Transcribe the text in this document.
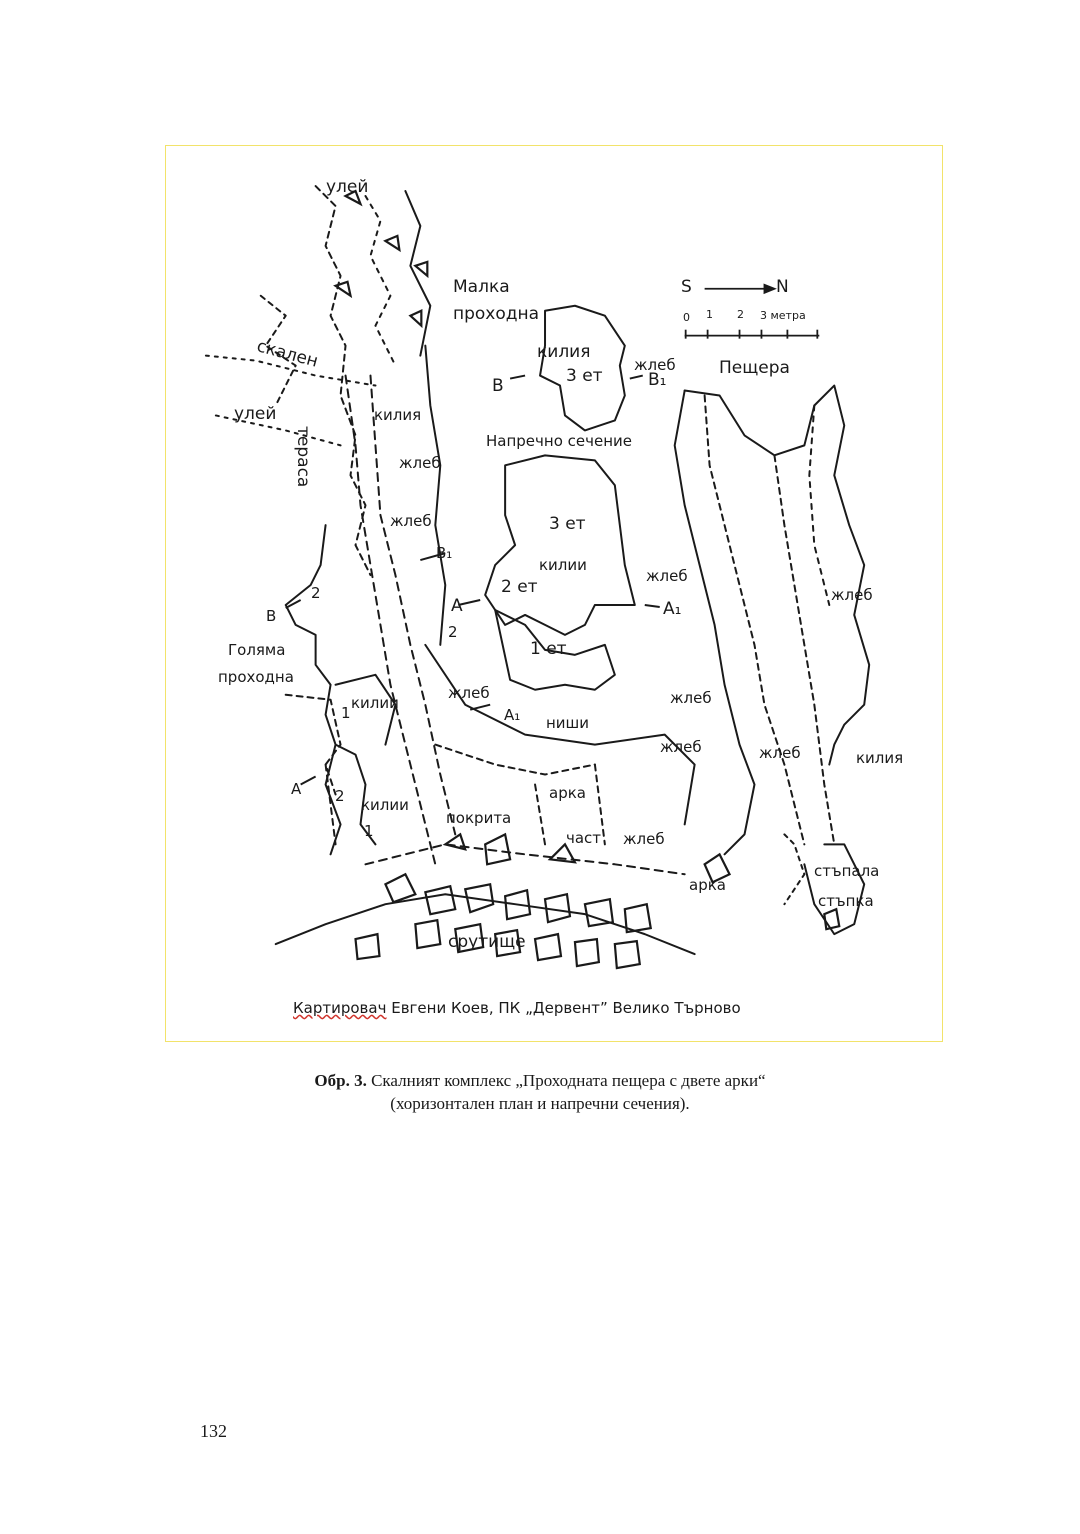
улей
Малка
проходна
скален
улей
тераса
килия
жлеб
жлеб
B₁
B
2
Голяма
проходна
килии
1
жлеб
A₁
2
A 2 килии
1
покрита
арка
част жлеб
ниши
срутище
арка
стъпала
стъпка
Пещера
жлеб
жлеб
жлеб
жлеб	жлеб	килия
килия
3 ет
B	B₁
жлеб
Напречно сечение
3 ет
килии
2 ет
1 ет
A	A₁
S	N
0 1 2 3 метра
Картировач Евгени Коев, ПК „Дервент” Велико Търново
Обр. 3. Скалният комплекс „Проходната пещера с двете арки“
(хоризонтален план и напречни сечения).
132
